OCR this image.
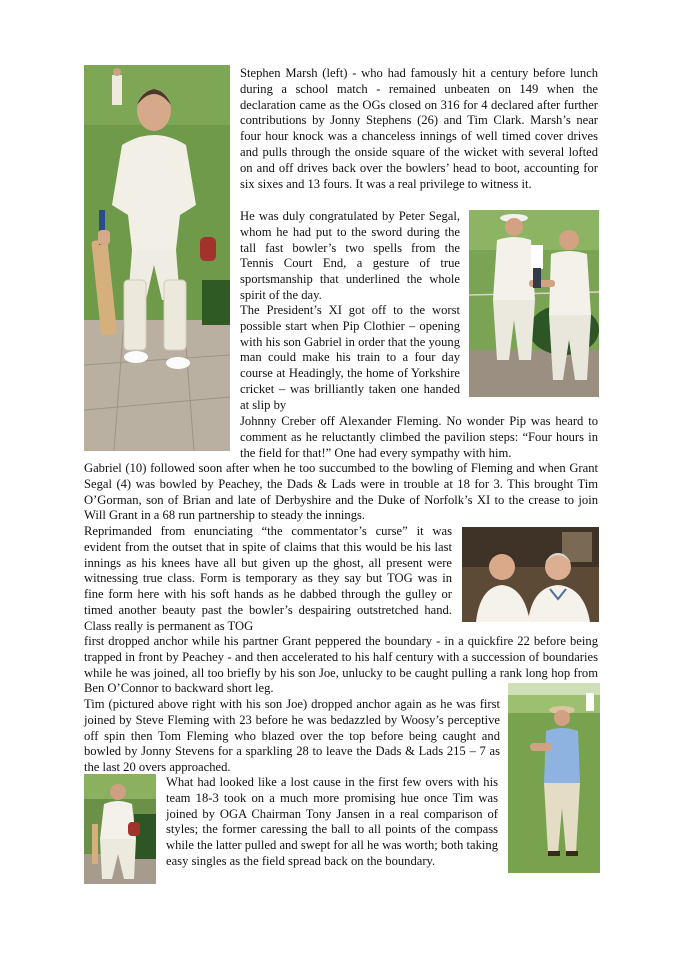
Stephen Marsh (left) - who had famously hit a century before lunch during a school match - remained unbeaten on 149 when the declaration came as the OGs closed on 316 for 4 declared after further contributions by Jonny Stephens (26) and Tim Clark. Marsh’s near four hour knock was a chanceless innings of well timed cover drives and pulls through the onside square of the wicket with several lofted on and off drives back over the bowlers’ head to boot, accounting for six sixes and 13 fours. It was a real privilege to witness it.

He was duly congratulated by Peter Segal, whom he had put to the sword during the tall fast bowler’s two spells from the Tennis Court End, a gesture of true sportsmanship that underlined the whole spirit of the day.

The President’s XI got off to the worst possible start when Pip Clothier – opening with his son Gabriel in order that the young man could make his train to a four day course at Headingly, the home of Yorkshire cricket – was brilliantly taken one handed at slip by

Johnny Creber off Alexander Fleming. No wonder Pip was heard to comment as he reluctantly climbed the pavilion steps: “Four hours in the field for that!” One had every sympathy with him.

Gabriel (10) followed soon after when he too succumbed to the bowling of Fleming and when Grant Segal (4) was bowled by Peachey, the Dads & Lads were in trouble at 18 for 3. This brought Tim O’Gorman, son of Brian and late of Derbyshire and the Duke of Norfolk’s XI to the crease to join Will Grant in a 68 run partnership to steady the innings.

Reprimanded from enunciating “the commentator’s curse” it was evident from the outset that in spite of claims that this would be his last innings as his knees have all but given up the ghost, all present were witnessing true class. Form is temporary as they say but TOG was in fine form here with his soft hands as he dabbed through the gulley or timed another beauty past the bowler’s despairing outstretched hand. Class really is permanent as TOG

first dropped anchor while his partner Grant peppered the boundary - in a quickfire 22 before being trapped in front by Peachey - and then accelerated to his half century with a succession of boundaries while he was joined, all too briefly by his son Joe, unlucky to be caught pulling a rank long hop from Ben O’Connor to backward short leg.

Tim (pictured above right with his son Joe) dropped anchor again as he was first joined by Steve Fleming with 23 before he was bedazzled by Woosy’s perceptive off spin then Tom Fleming who blazed over the top before being caught and bowled by Jonny Stevens for a sparkling 28 to leave the Dads & Lads 215 – 7 as the last 20 overs approached.

What had looked like a lost cause in the first few overs with his team 18-3 took on a much more promising hue once Tim was joined by OGA Chairman Tony Jansen in a real comparison of styles; the former caressing the ball to all points of the compass while the latter pulled and swept for all he was worth; both taking easy singles as the field spread back on the boundary.
